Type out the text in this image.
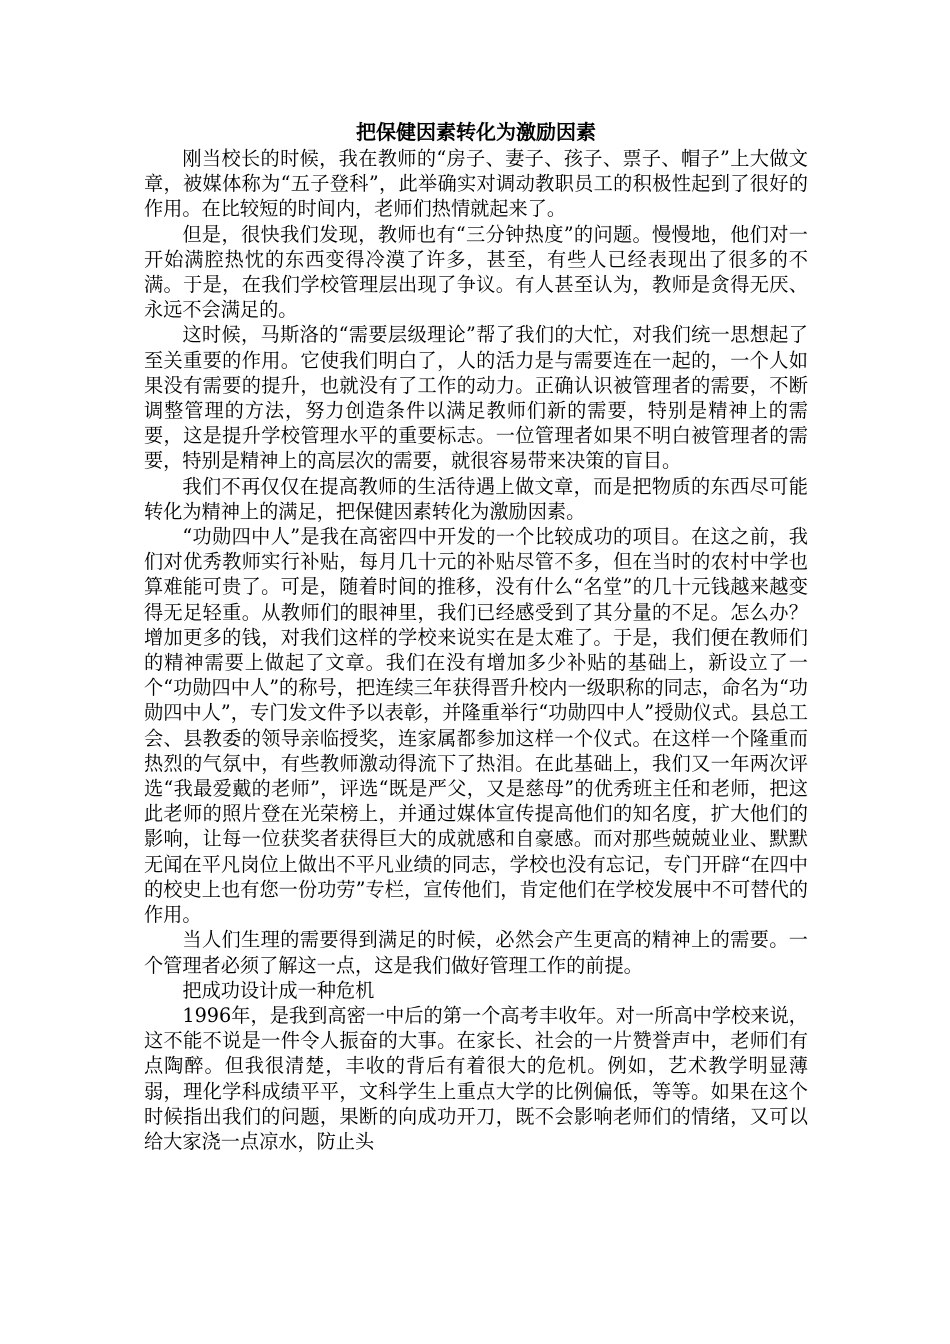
把保健因素转化为激励因素

刚当校长的时候，我在教师的“房子、妻子、孩子、票子、帽子”上大做文章，被媒体称为“五子登科”，此举确实对调动教职员工的积极性起到了很好的作用。在比较短的时间内，老师们热情就起来了。

但是，很快我们发现，教师也有“三分钟热度”的问题。慢慢地，他们对一开始满腔热忱的东西变得冷漠了许多，甚至，有些人已经表现出了很多的不满。于是，在我们学校管理层出现了争议。有人甚至认为，教师是贪得无厌、永远不会满足的。

这时候，马斯洛的“需要层级理论”帮了我们的大忙，对我们统一思想起了至关重要的作用。它使我们明白了，人的活力是与需要连在一起的，一个人如果没有需要的提升，也就没有了工作的动力。正确认识被管理者的需要，不断调整管理的方法，努力创造条件以满足教师们新的需要，特别是精神上的需要，这是提升学校管理水平的重要标志。一位管理者如果不明白被管理者的需要，特别是精神上的高层次的需要，就很容易带来决策的盲目。

我们不再仅仅在提高教师的生活待遇上做文章，而是把物质的东西尽可能转化为精神上的满足，把保健因素转化为激励因素。

“功勋四中人”是我在高密四中开发的一个比较成功的项目。在这之前，我们对优秀教师实行补贴，每月几十元的补贴尽管不多，但在当时的农村中学也算难能可贵了。可是，随着时间的推移，没有什么“名堂”的几十元钱越来越变得无足轻重。从教师们的眼神里，我们已经感受到了其分量的不足。怎么办？增加更多的钱，对我们这样的学校来说实在是太难了。于是，我们便在教师们的精神需要上做起了文章。我们在没有增加多少补贴的基础上，新设立了一个“功勋四中人”的称号，把连续三年获得晋升校内一级职称的同志，命名为“功勋四中人”，专门发文件予以表彰，并隆重举行“功勋四中人”授勋仪式。县总工会、县教委的领导亲临授奖，连家属都参加这样一个仪式。在这样一个隆重而热烈的气氛中，有些教师激动得流下了热泪。在此基础上，我们又一年两次评选“我最爱戴的老师”，评选“既是严父，又是慈母”的优秀班主任和老师，把这此老师的照片登在光荣榜上，并通过媒体宣传提高他们的知名度，扩大他们的影响，让每一位获奖者获得巨大的成就感和自豪感。而对那些兢兢业业、默默无闻在平凡岗位上做出不平凡业绩的同志，学校也没有忘记，专门开辟“在四中的校史上也有您一份功劳”专栏，宣传他们，肯定他们在学校发展中不可替代的作用。

当人们生理的需要得到满足的时候，必然会产生更高的精神上的需要。一个管理者必须了解这一点，这是我们做好管理工作的前提。

把成功设计成一种危机

1996年，是我到高密一中后的第一个高考丰收年。对一所高中学校来说，这不能不说是一件令人振奋的大事。在家长、社会的一片赞誉声中，老师们有点陶醉。但我很清楚，丰收的背后有着很大的危机。例如，艺术教学明显薄弱，理化学科成绩平平，文科学生上重点大学的比例偏低，等等。如果在这个时候指出我们的问题，果断的向成功开刀，既不会影响老师们的情绪，又可以给大家浇一点凉水，防止头
